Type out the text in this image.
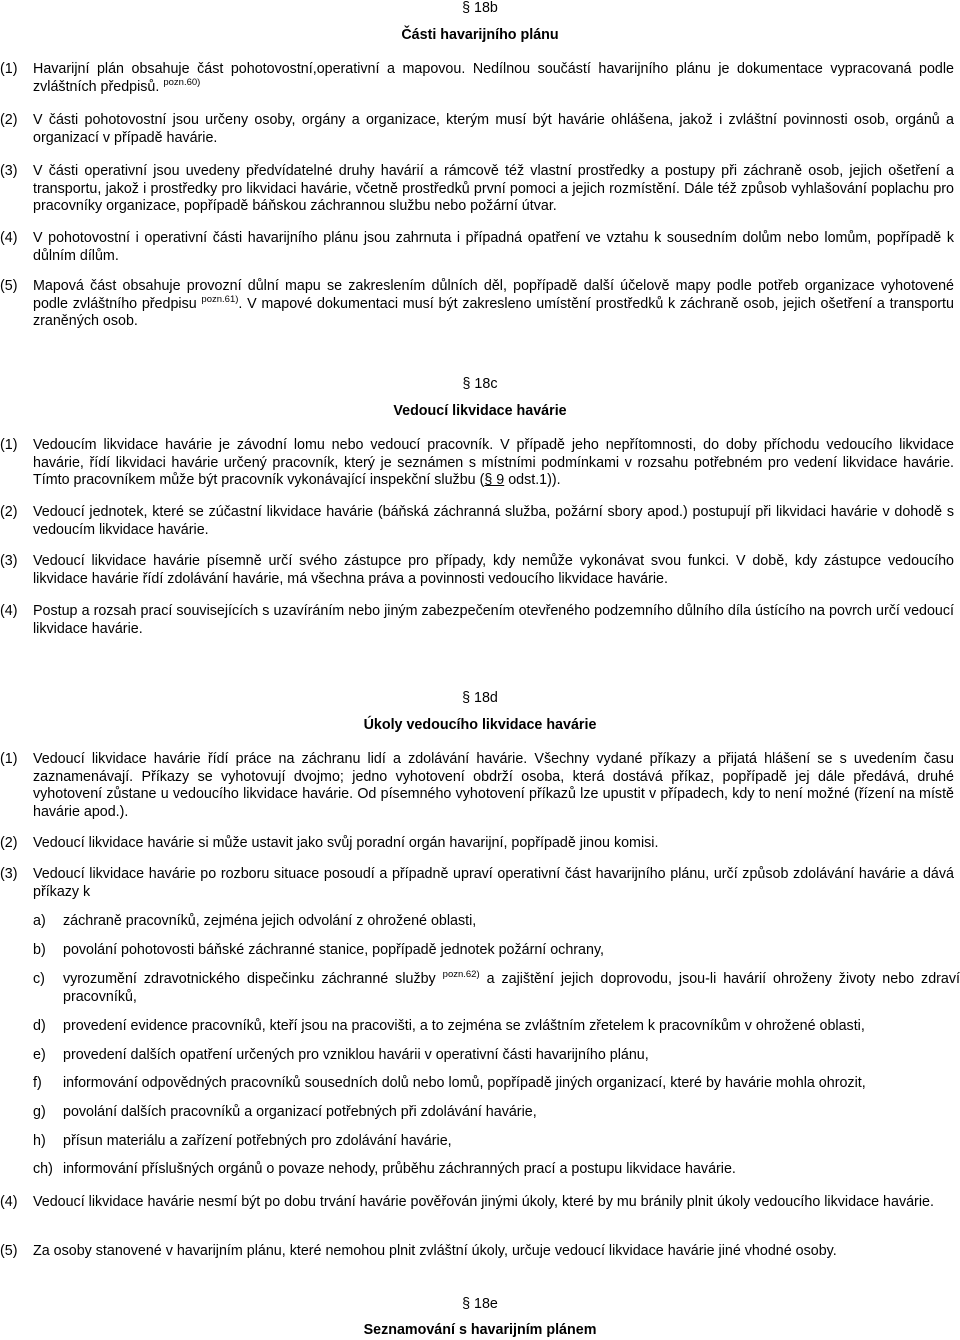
§ 18b
Části havarijního plánu
(1) Havarijní plán obsahuje část pohotovostní,operativní a mapovou. Nedílnou součástí havarijního plánu je dokumentace vypracovaná podle zvláštních předpisů. $^{pozn.60)}$
(2) V části pohotovostní jsou určeny osoby, orgány a organizace, kterým musí být havárie ohlášena, jakož i zvláštní povinnosti osob, orgánů a organizací v případě havárie.
(3) V části operativní jsou uvedeny předvídatelné druhy havárií a rámcově též vlastní prostředky a postupy při záchraně osob, jejich ošetření a transportu, jakož i prostředky pro likvidaci havárie, včetně prostředků první pomoci a jejich rozmístění. Dále též způsob vyhlašování poplachu pro pracovníky organizace, popřípadě báňskou záchrannou službu nebo požární útvar.
(4) V pohotovostní i operativní části havarijního plánu jsou zahrnuta i případná opatření ve vztahu k sousedním dolům nebo lomům, popřípadě k důlním dílům.
(5) Mapová část obsahuje provozní důlní mapu se zakreslením důlních děl, popřípadě další účelově mapy podle potřeb organizace vyhotovené podle zvláštního předpisu $^{pozn.61)}$. V mapové dokumentaci musí být zakresleno umístění prostředků k záchraně osob, jejich ošetření a transportu zraněných osob.
§ 18c
Vedoucí likvidace havárie
(1) Vedoucím likvidace havárie je závodní lomu nebo vedoucí pracovník. V případě jeho nepřítomnosti, do doby příchodu vedoucího likvidace havárie, řídí likvidaci havárie určený pracovník, který je seznámen s místními podmínkami v rozsahu potřebném pro vedení likvidace havárie. Tímto pracovníkem může být pracovník vykonávající inspekční službu (§ 9 odst.1)).
(2) Vedoucí jednotek, které se zúčastní likvidace havárie (báňská záchranná služba, požární sbory apod.) postupují při likvidaci havárie v dohodě s vedoucím likvidace havárie.
(3) Vedoucí likvidace havárie písemně určí svého zástupce pro případy, kdy nemůže vykonávat svou funkci. V době, kdy zástupce vedoucího likvidace havárie řídí zdolávání havárie, má všechna práva a povinnosti vedoucího likvidace havárie.
(4) Postup a rozsah prací souvisejících s uzavíráním nebo jiným zabezpečením otevřeného podzemního důlního díla ústícího na povrch určí vedoucí likvidace havárie.
§ 18d
Úkoly vedoucího likvidace havárie
(1) Vedoucí likvidace havárie řídí práce na záchranu lidí a zdolávání havárie. Všechny vydané příkazy a přijatá hlášení se s uvedením času zaznamenávají. Příkazy se vyhotovují dvojmo; jedno vyhotovení obdrží osoba, která dostává příkaz, popřípadě jej dále předává, druhé vyhotovení zůstane u vedoucího likvidace havárie. Od písemného vyhotovení příkazů lze upustit v případech, kdy to není možné (řízení na místě havárie apod.).
(2) Vedoucí likvidace havárie si může ustavit jako svůj poradní orgán havarijní, popřípadě jinou komisi.
(3) Vedoucí likvidace havárie po rozboru situace posoudí a případně upraví operativní část havarijního plánu, určí způsob zdolávání havárie a dává příkazy k
a) záchraně pracovníků, zejména jejich odvolání z ohrožené oblasti,
b) povolání pohotovosti báňské záchranné stanice, popřípadě jednotek požární ochrany,
c) vyrozumění zdravotnického dispečinku záchranné služby $^{pozn.62)}$ a zajištění jejich doprovodu, jsou-li havárií ohroženy životy nebo zdraví pracovníků,
d) provedení evidence pracovníků, kteří jsou na pracovišti, a to zejména se zvláštním zřetelem k pracovníkům v ohrožené oblasti,
e) provedení dalších opatření určených pro vzniklou havárii v operativní části havarijního plánu,
f) informování odpovědných pracovníků sousedních dolů nebo lomů, popřípadě jiných organizací, které by havárie mohla ohrozit,
g) povolání dalších pracovníků a organizací potřebných při zdolávání havárie,
h) přísun materiálu a zařízení potřebných pro zdolávání havárie,
ch) informování příslušných orgánů o povaze nehody, průběhu záchranných prací a postupu likvidace havárie.
(4) Vedoucí likvidace havárie nesmí být po dobu trvání havárie pověřován jinými úkoly, které by mu bránily plnit úkoly vedoucího likvidace havárie.
(5) Za osoby stanovené v havarijním plánu, které nemohou plnit zvláštní úkoly, určuje vedoucí likvidace havárie jiné vhodné osoby.
§ 18e
Seznamování s havarijním plánem
